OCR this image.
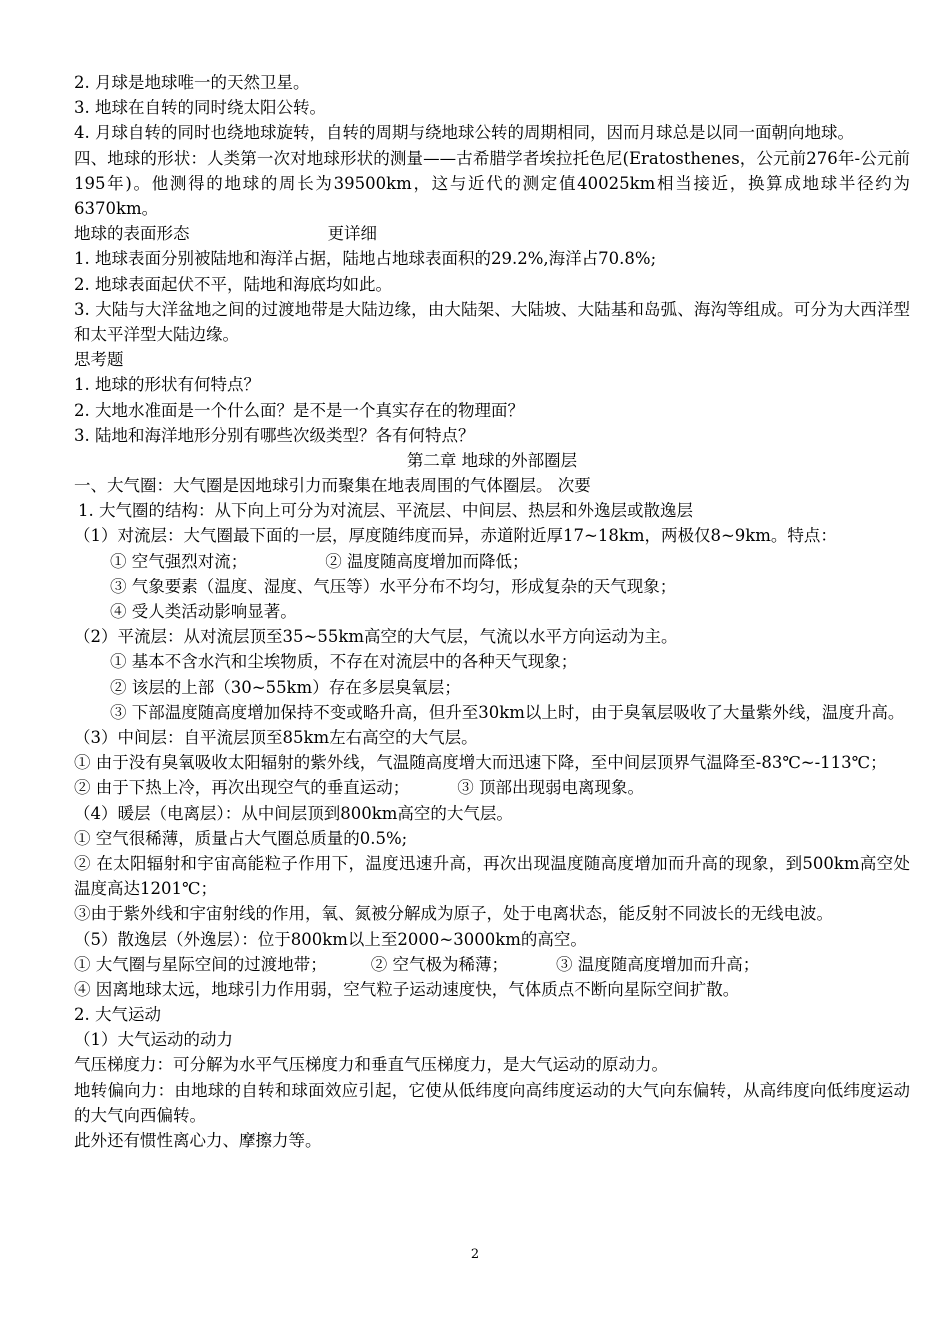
2. 月球是地球唯一的天然卫星。
3. 地球在自转的同时绕太阳公转。
4. 月球自转的同时也绕地球旋转，自转的周期与绕地球公转的周期相同，因而月球总是以同一面朝向地球。
四、地球的形状：人类第一次对地球形状的测量——古希腊学者埃拉托色尼(Eratosthenes，公元前276年-公元前195年)。他测得的地球的周长为39500km，这与近代的测定值40025km相当接近，换算成地球半径约为6370km。
地球的表面形态	更详细
1. 地球表面分别被陆地和海洋占据，陆地占地球表面积的29.2%,海洋占70.8%;
2. 地球表面起伏不平，陆地和海底均如此。
3. 大陆与大洋盆地之间的过渡地带是大陆边缘，由大陆架、大陆坡、大陆基和岛弧、海沟等组成。可分为大西洋型和太平洋型大陆边缘。
思考题
1. 地球的形状有何特点？
2. 大地水准面是一个什么面？是不是一个真实存在的物理面？
3. 陆地和海洋地形分别有哪些次级类型？各有何特点？
第二章 地球的外部圈层
一、大气圈：大气圈是因地球引力而聚集在地表周围的气体圈层。 次要
1. 大气圈的结构：从下向上可分为对流层、平流层、中间层、热层和外逸层或散逸层
（1）对流层：大气圈最下面的一层，厚度随纬度而异，赤道附近厚17~18km，两极仅8~9km。特点：
① 空气强烈对流；	② 温度随高度增加而降低；
③ 气象要素（温度、湿度、气压等）水平分布不均匀，形成复杂的天气现象；
④ 受人类活动影响显著。
（2）平流层：从对流层顶至35~55km高空的大气层，气流以水平方向运动为主。
① 基本不含水汽和尘埃物质，不存在对流层中的各种天气现象；
② 该层的上部（30~55km）存在多层臭氧层；
③ 下部温度随高度增加保持不变或略升高，但升至30km以上时，由于臭氧层吸收了大量紫外线，温度升高。
（3）中间层：自平流层顶至85km左右高空的大气层。
① 由于没有臭氧吸收太阳辐射的紫外线，气温随高度增大而迅速下降，至中间层顶界气温降至-83℃~-113℃；
② 由于下热上冷，再次出现空气的垂直运动；	③ 顶部出现弱电离现象。
（4）暖层（电离层）：从中间层顶到800km高空的大气层。
① 空气很稀薄，质量占大气圈总质量的0.5%;
② 在太阳辐射和宇宙高能粒子作用下，温度迅速升高，再次出现温度随高度增加而升高的现象，到500km高空处温度高达1201℃；
③由于紫外线和宇宙射线的作用，氧、氮被分解成为原子，处于电离状态，能反射不同波长的无线电波。
（5）散逸层（外逸层）：位于800km以上至2000~3000km的高空。
① 大气圈与星际空间的过渡地带；	② 空气极为稀薄；	③ 温度随高度增加而升高；
④ 因离地球太远，地球引力作用弱，空气粒子运动速度快，气体质点不断向星际空间扩散。
2. 大气运动
（1）大气运动的动力
气压梯度力：可分解为水平气压梯度力和垂直气压梯度力，是大气运动的原动力。
地转偏向力：由地球的自转和球面效应引起，它使从低纬度向高纬度运动的大气向东偏转，从高纬度向低纬度运动的大气向西偏转。
此外还有惯性离心力、摩擦力等。
2
